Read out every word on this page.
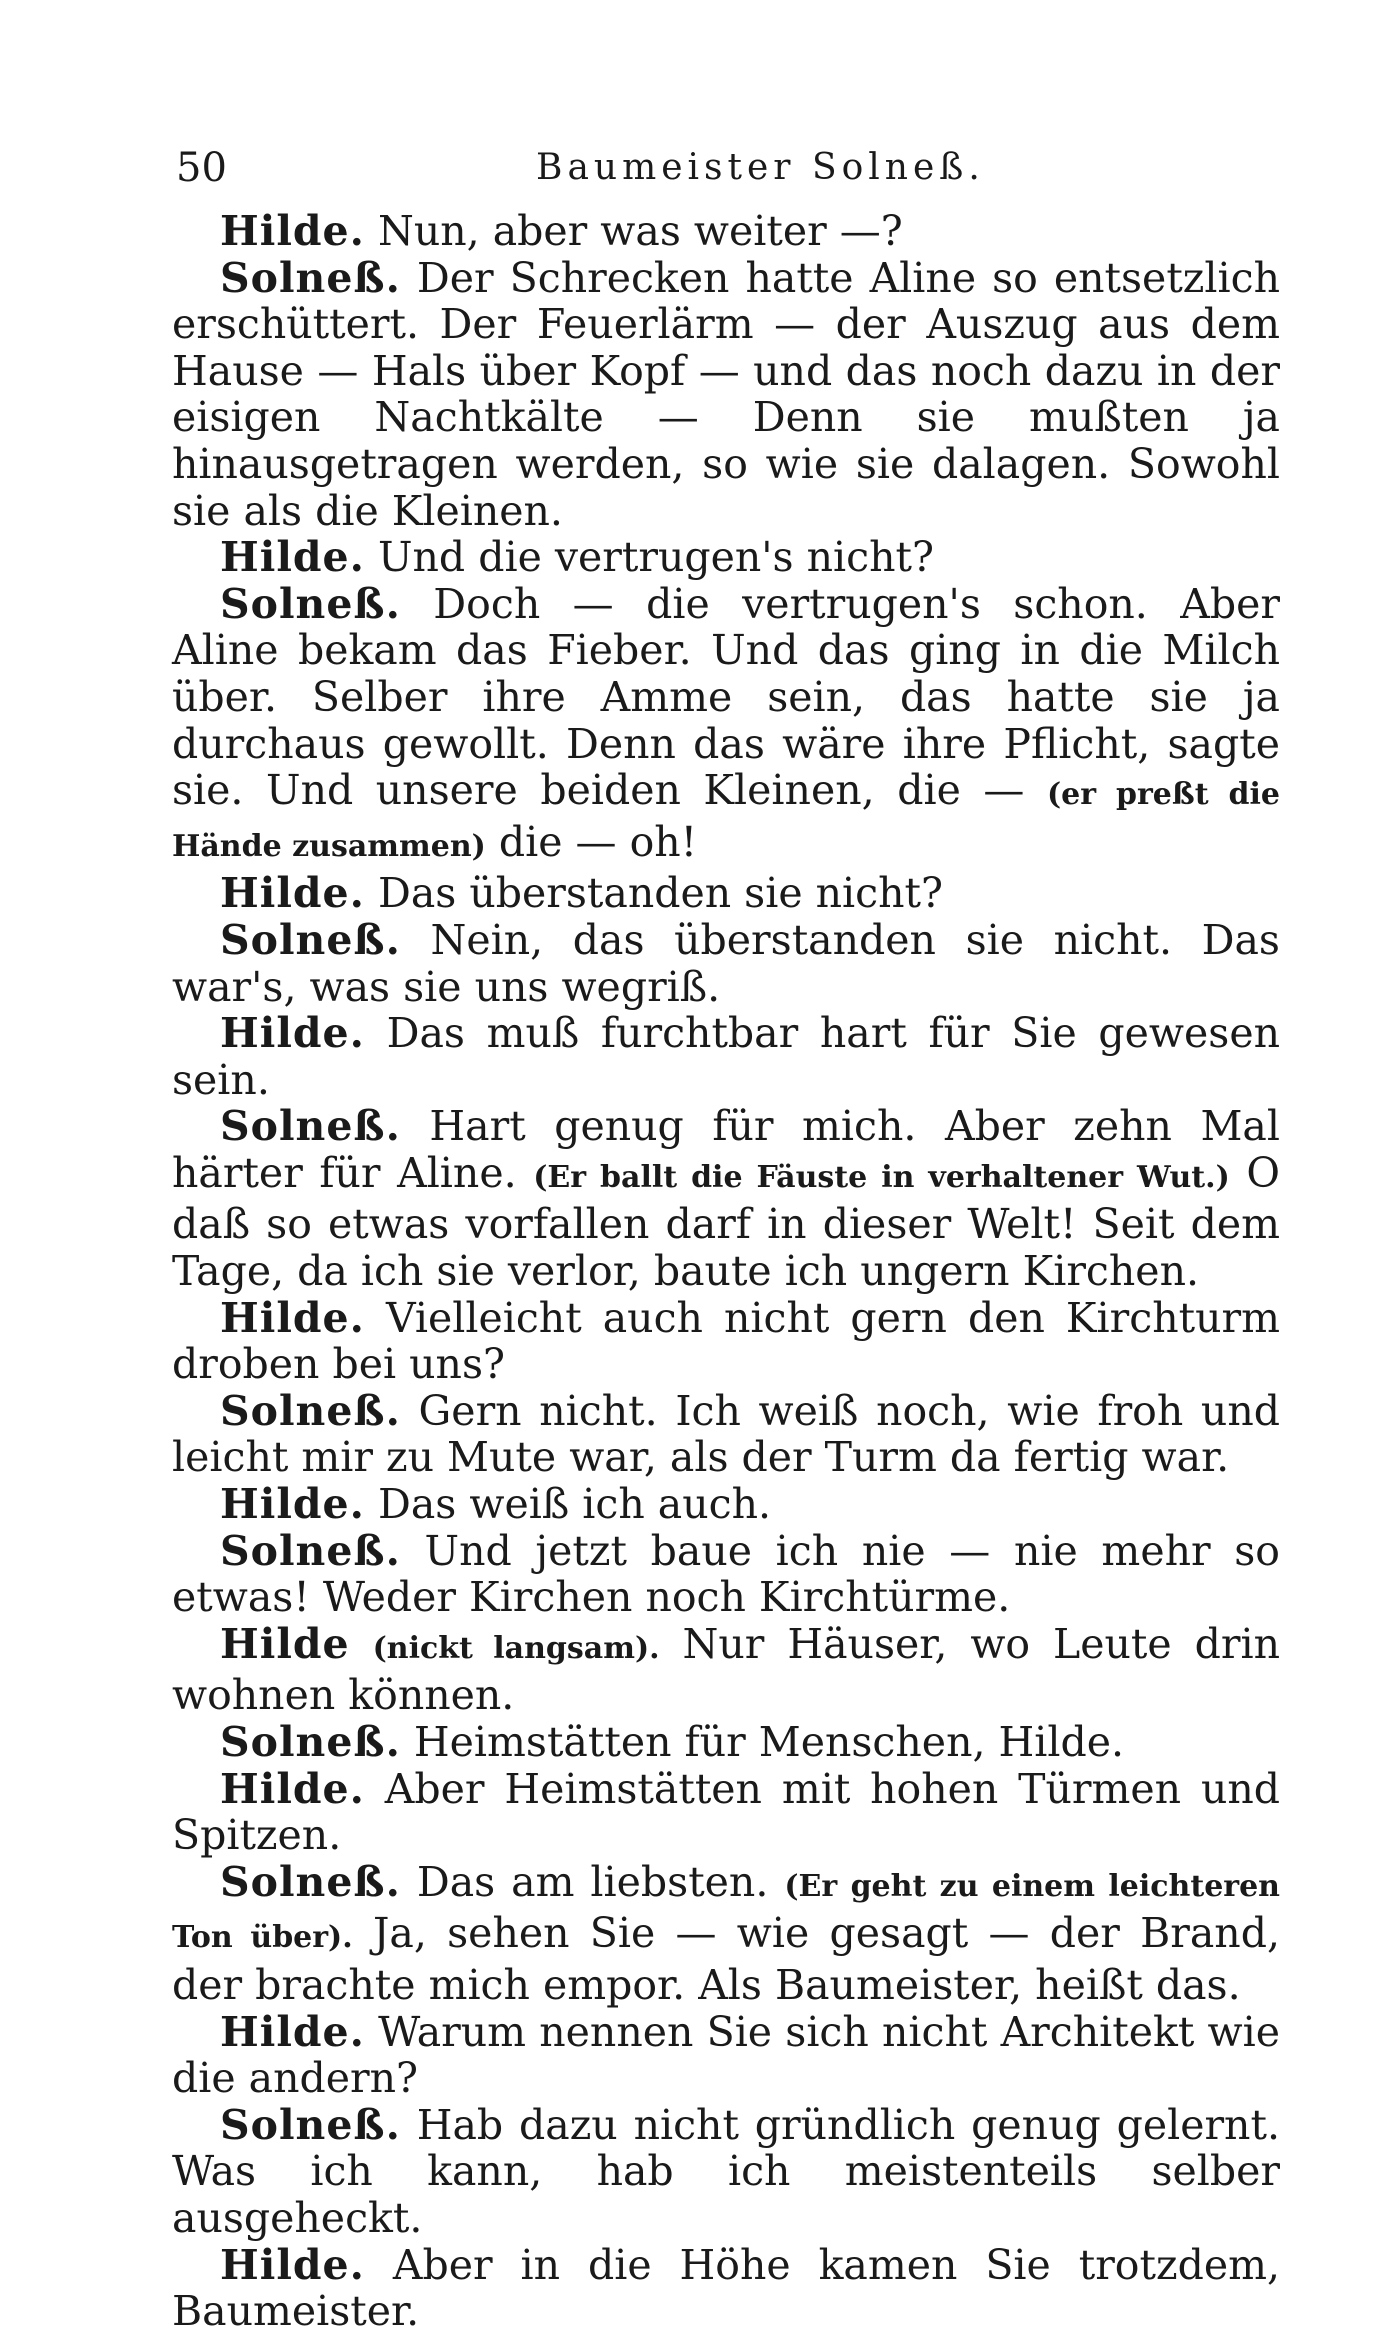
50	Baumeister Solneß.

Hilde. Nun, aber was weiter —?

Solneß. Der Schrecken hatte Aline so entsetzlich erschüttert. Der Feuerlärm — der Auszug aus dem Hause — Hals über Kopf — und das noch dazu in der eisigen Nachtkälte — Denn sie mußten ja hinausgetragen werden, so wie sie dalagen. Sowohl sie als die Kleinen.

Hilde. Und die vertrugen's nicht?

Solneß. Doch — die vertrugen's schon. Aber Aline bekam das Fieber. Und das ging in die Milch über. Selber ihre Amme sein, das hatte sie ja durchaus gewollt. Denn das wäre ihre Pflicht, sagte sie. Und unsere beiden Kleinen, die — (er preßt die Hände zusammen) die — oh!

Hilde. Das überstanden sie nicht?

Solneß. Nein, das überstanden sie nicht. Das war's, was sie uns wegriß.

Hilde. Das muß furchtbar hart für Sie gewesen sein.

Solneß. Hart genug für mich. Aber zehn Mal härter für Aline. (Er ballt die Fäuste in verhaltener Wut.) O daß so etwas vorfallen darf in dieser Welt! Seit dem Tage, da ich sie verlor, baute ich ungern Kirchen.

Hilde. Vielleicht auch nicht gern den Kirchturm droben bei uns?

Solneß. Gern nicht. Ich weiß noch, wie froh und leicht mir zu Mute war, als der Turm da fertig war.

Hilde. Das weiß ich auch.

Solneß. Und jetzt baue ich nie — nie mehr so etwas! Weder Kirchen noch Kirchtürme.

Hilde (nickt langsam). Nur Häuser, wo Leute drin wohnen können.

Solneß. Heimstätten für Menschen, Hilde.

Hilde. Aber Heimstätten mit hohen Türmen und Spitzen.

Solneß. Das am liebsten. (Er geht zu einem leichteren Ton über). Ja, sehen Sie — wie gesagt — der Brand, der brachte mich empor. Als Baumeister, heißt das.

Hilde. Warum nennen Sie sich nicht Architekt wie die andern?

Solneß. Hab dazu nicht gründlich genug gelernt. Was ich kann, hab ich meistenteils selber ausgeheckt.

Hilde. Aber in die Höhe kamen Sie trotzdem, Baumeister.
